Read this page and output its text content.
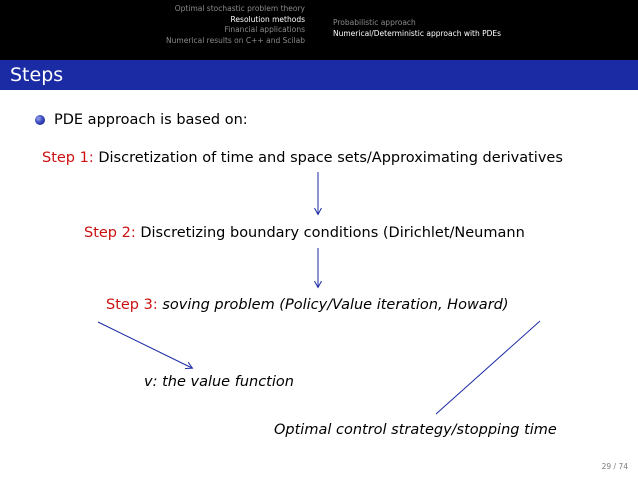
Optimal stochastic problem theory
Resolution methods
Financial applications
Numerical results on C++ and Scilab
Probabilistic approach
Numerical/Deterministic approach with PDEs
Steps
PDE approach is based on:
Step 1: Discretization of time and space sets/Approximating derivatives
Step 2: Discretizing boundary conditions (Dirichlet/Neumann
Step 3: soving problem (Policy/Value iteration, Howard)
v: the value function
Optimal control strategy/stopping time
29 / 74
